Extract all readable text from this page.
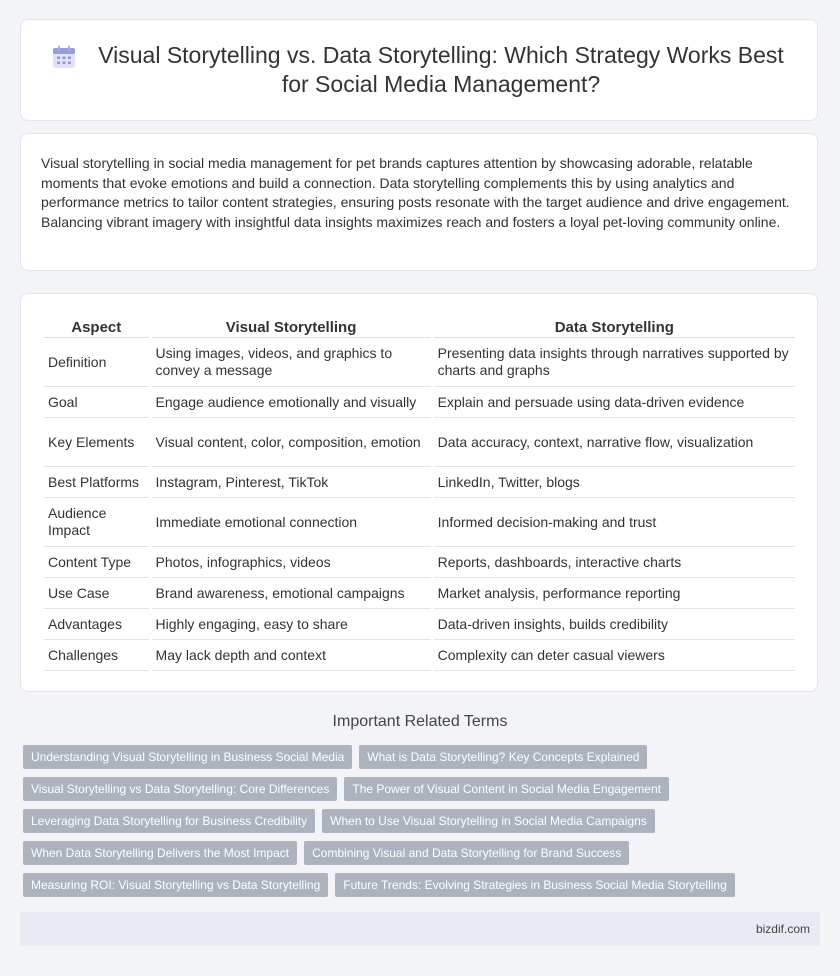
Visual Storytelling vs. Data Storytelling: Which Strategy Works Best for Social Media Management?

Visual storytelling in social media management for pet brands captures attention by showcasing adorable, relatable moments that evoke emotions and build a connection. Data storytelling complements this by using analytics and performance metrics to tailor content strategies, ensuring posts resonate with the target audience and drive engagement. Balancing vibrant imagery with insightful data insights maximizes reach and fosters a loyal pet-loving community online.

Aspect	Visual Storytelling	Data Storytelling
Definition	Using images, videos, and graphics to convey a message	Presenting data insights through narratives supported by charts and graphs
Goal	Engage audience emotionally and visually	Explain and persuade using data-driven evidence
Key Elements	Visual content, color, composition, emotion	Data accuracy, context, narrative flow, visualization
Best Platforms	Instagram, Pinterest, TikTok	LinkedIn, Twitter, blogs
Audience Impact	Immediate emotional connection	Informed decision-making and trust
Content Type	Photos, infographics, videos	Reports, dashboards, interactive charts
Use Case	Brand awareness, emotional campaigns	Market analysis, performance reporting
Advantages	Highly engaging, easy to share	Data-driven insights, builds credibility
Challenges	May lack depth and context	Complexity can deter casual viewers
Important Related Terms
Understanding Visual Storytelling in Business Social Media	What is Data Storytelling? Key Concepts Explained
Visual Storytelling vs Data Storytelling: Core Differences	The Power of Visual Content in Social Media Engagement
Leveraging Data Storytelling for Business Credibility	When to Use Visual Storytelling in Social Media Campaigns
When Data Storytelling Delivers the Most Impact	Combining Visual and Data Storytelling for Brand Success
Measuring ROI: Visual Storytelling vs Data Storytelling	Future Trends: Evolving Strategies in Business Social Media Storytelling
bizdif.com
